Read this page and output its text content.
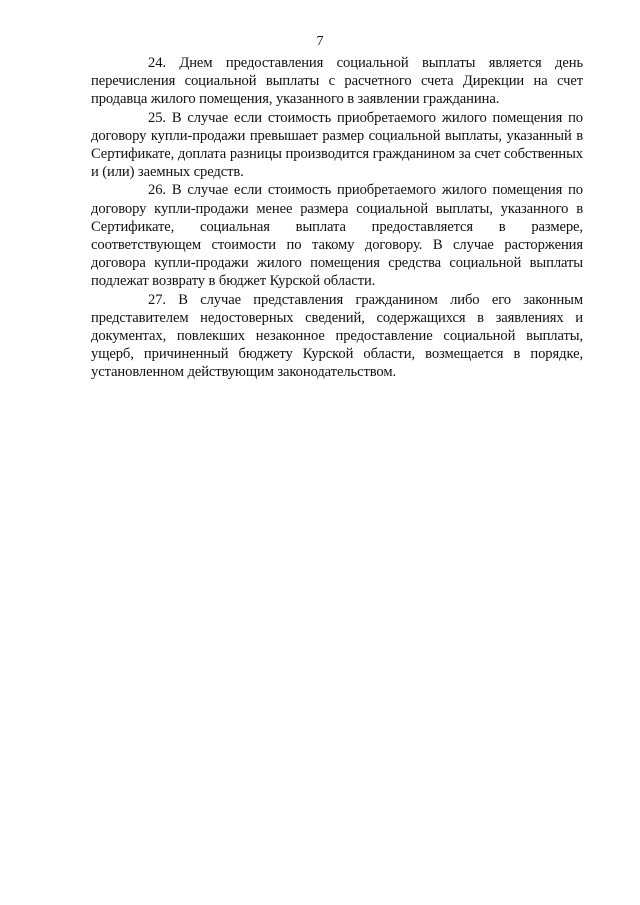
7

24. Днем предоставления социальной выплаты является день перечисления социальной выплаты с расчетного счета Дирекции на счет продавца жилого помещения, указанного в заявлении гражданина.

25. В случае если стоимость приобретаемого жилого помещения по договору купли-продажи превышает размер социальной выплаты, указанный в Сертификате, доплата разницы производится гражданином за счет собственных и (или) заемных средств.

26. В случае если стоимость приобретаемого жилого помещения по договору купли-продажи менее размера социальной выплаты, указанного в Сертификате, социальная выплата предоставляется в размере, соответствующем стоимости по такому договору. В случае расторжения договора купли-продажи жилого помещения средства социальной выплаты подлежат возврату в бюджет Курской области.

27. В случае представления гражданином либо его законным представителем недостоверных сведений, содержащихся в заявлениях и документах, повлекших незаконное предоставление социальной выплаты, ущерб, причиненный бюджету Курской области, возмещается в порядке, установленном действующим законодательством.
